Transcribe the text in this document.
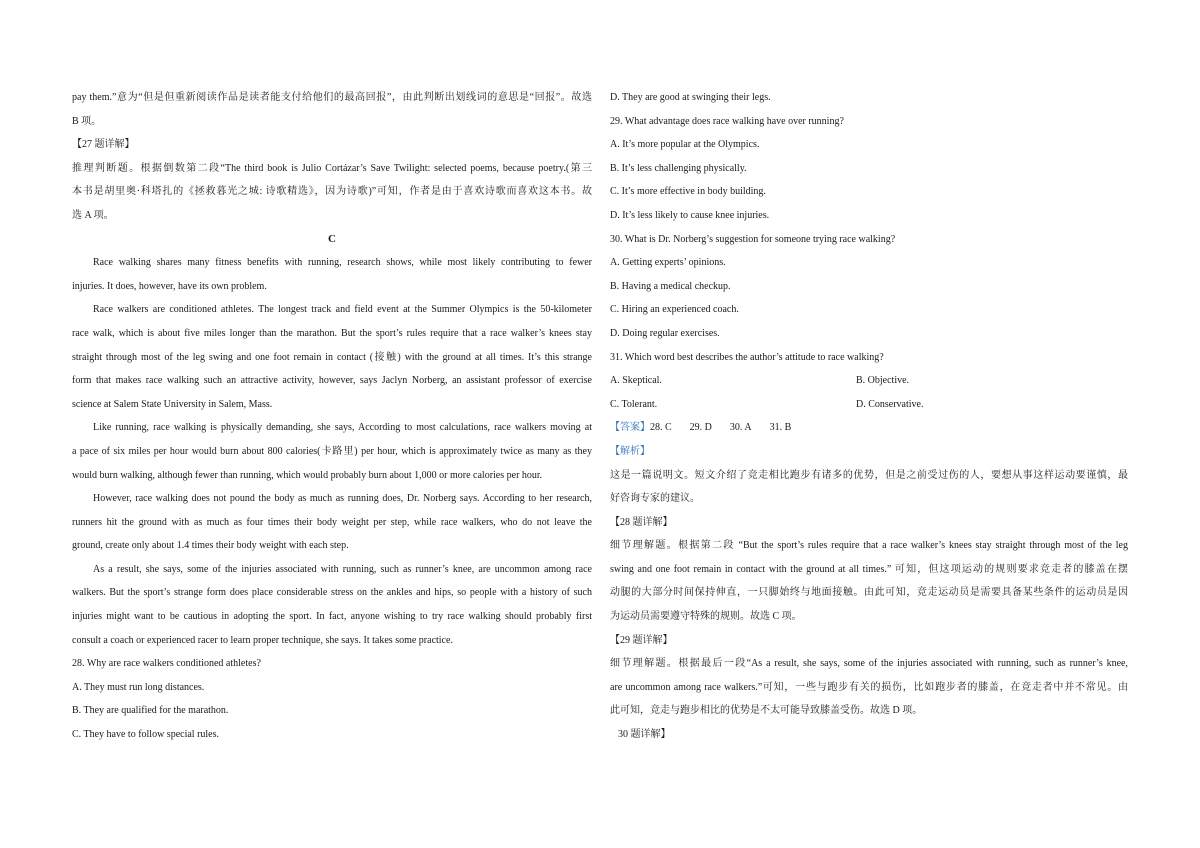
pay them.”意为“但是但重新阅读作品是读者能支付给他们的最高回报”，由此判断出划线词的意思是“回报”。故选
B 项。
【27 题详解】
推理判断题。根据倒数第二段“The third book is Julio Cortázar’s Save Twilight: selected poems, because poetry.(第三
本书是胡里奥·科塔扎的《拯救暮光之城: 诗歌精选》，因为诗歌)”可知，作者是由于喜欢诗歌而喜欢这本书。故
选 A 项。
C
Race walking shares many fitness benefits with running, research shows, while most likely contributing to fewer
injuries. It does, however, have its own problem.
Race walkers are conditioned athletes. The longest track and field event at the Summer Olympics is the 50-kilometer
race walk, which is about five miles longer than the marathon. But the sport’s rules require that a race walker’s knees stay
straight through most of the leg swing and one foot remain in contact (接触) with the ground at all times. It’s this strange
form that makes race walking such an attractive activity, however, says Jaclyn Norberg, an assistant professor of exercise
science at Salem State University in Salem, Mass.
Like running, race walking is physically demanding, she says, According to most calculations, race walkers moving at
a pace of six miles per hour would burn about 800 calories(卡路里) per hour, which is approximately twice as many as they
would burn walking, although fewer than running, which would probably burn about 1,000 or more calories per hour.
However, race walking does not pound the body as much as running does, Dr. Norberg says. According to her research,
runners hit the ground with as much as four times their body weight per step, while race walkers, who do not leave the
ground, create only about 1.4 times their body weight with each step.
As a result, she says, some of the injuries associated with running, such as runner’s knee, are uncommon among race
walkers. But the sport’s strange form does place considerable stress on the ankles and hips, so people with a history of such
injuries might want to be cautious in adopting the sport. In fact, anyone wishing to try race walking should probably first
consult a coach or experienced racer to learn proper technique, she says. It takes some practice.
28. Why are race walkers conditioned athletes?
A. They must run long distances.
B. They are qualified for the marathon.
C. They have to follow special rules.
D. They are good at swinging their legs.
29. What advantage does race walking have over running?
A. It’s more popular at the Olympics.
B. It’s less challenging physically.
C. It’s more effective in body building.
D. It’s less likely to cause knee injuries.
30. What is Dr. Norberg’s suggestion for someone trying race walking?
A. Getting experts’ opinions.
B. Having a medical checkup.
C. Hiring an experienced coach.
D. Doing regular exercises.
31. Which word best describes the author’s attitude to race walking?
A. Skeptical.	B. Objective.
C. Tolerant.	D. Conservative.
【答案】28. C 29. D 30. A 31. B
【解析】
这是一篇说明文。短文介绍了竞走相比跑步有诸多的优势，但是之前受过伤的人，要想从事这样运动要谨慎，最
好咨询专家的建议。
【28 题详解】
细节理解题。根据第二段 “But the sport’s rules require that a race walker’s knees stay straight through most of the leg
swing and one foot remain in contact with the ground at all times.” 可知，但这项运动的规则要求竞走者的膝盖在摆
动腿的大部分时间保持伸直，一只脚始终与地面接触。由此可知，竞走运动员是需要具备某些条件的运动员是因
为运动员需要遵守特殊的规则。故选 C 项。
【29 题详解】
细节理解题。根据最后一段“As a result, she says, some of the injuries associated with running, such as runner’s knee,
are uncommon among race walkers.”可知，一些与跑步有关的损伤，比如跑步者的膝盖，在竞走者中并不常见。由
此可知，竞走与跑步相比的优势是不太可能导致膝盖受伤。故选 D 项。
30 题详解】
